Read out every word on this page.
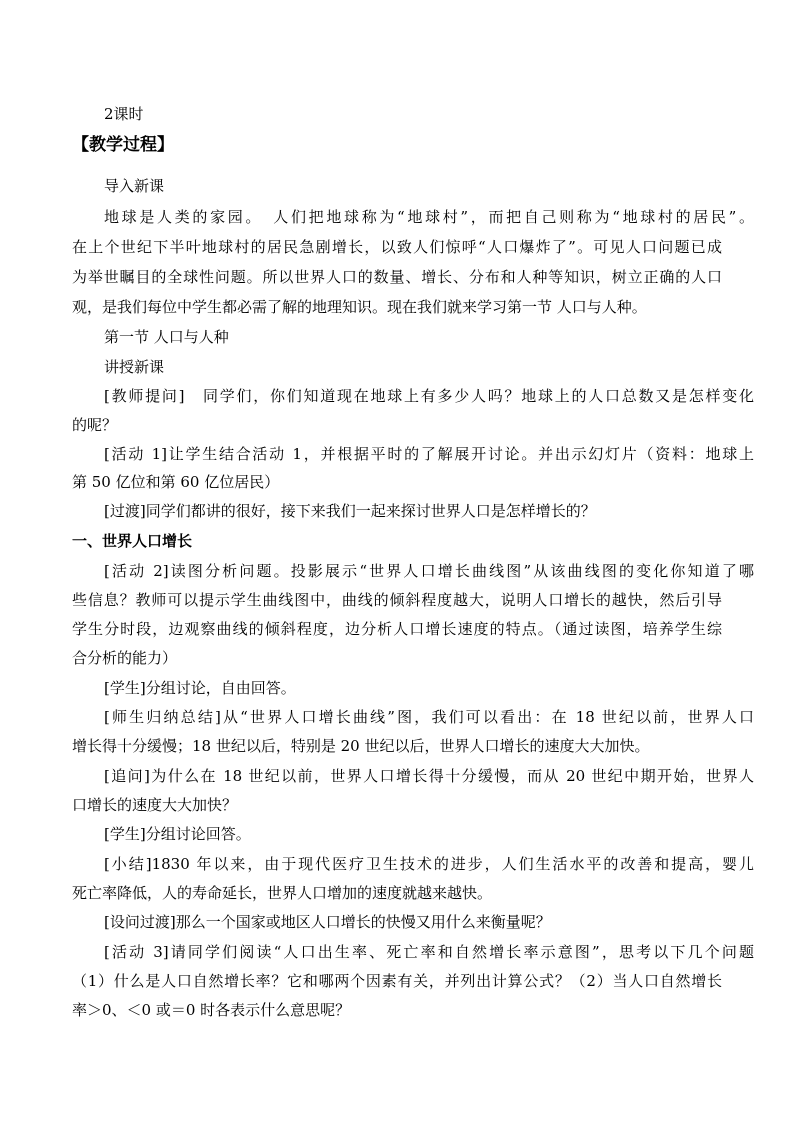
2课时
【教学过程】
导入新课
地球是人类的家园。　人们把地球称为“地球村”，而把自己则称为“地球村的居民”。
在上个世纪下半叶地球村的居民急剧增长，以致人们惊呼“人口爆炸了”。可见人口问题已成
为举世瞩目的全球性问题。所以世界人口的数量、增长、分布和人种等知识，树立正确的人口
观，是我们每位中学生都必需了解的地理知识。现在我们就来学习第一节 人口与人种。
第一节 人口与人种
讲授新课
[教师提问]　同学们，你们知道现在地球上有多少人吗？地球上的人口总数又是怎样变化
的呢？
[活动 1]让学生结合活动 1，并根据平时的了解展开讨论。并出示幻灯片（资料：地球上
第 50 亿位和第 60 亿位居民）
[过渡]同学们都讲的很好，接下来我们一起来探讨世界人口是怎样增长的？
一、世界人口增长
[活动 2]读图分析问题。投影展示“世界人口增长曲线图”从该曲线图的变化你知道了哪
些信息？教师可以提示学生曲线图中，曲线的倾斜程度越大，说明人口增长的越快，然后引导
学生分时段，边观察曲线的倾斜程度，边分析人口增长速度的特点。（通过读图，培养学生综
合分析的能力）
[学生]分组讨论，自由回答。
[师生归纳总结]从“世界人口增长曲线”图，我们可以看出：在 18 世纪以前，世界人口
增长得十分缓慢；18 世纪以后，特别是 20 世纪以后，世界人口增长的速度大大加快。
[追问]为什么在 18 世纪以前，世界人口增长得十分缓慢，而从 20 世纪中期开始，世界人
口增长的速度大大加快？
[学生]分组讨论回答。
[小结]1830 年以来，由于现代医疗卫生技术的进步，人们生活水平的改善和提高，婴儿
死亡率降低，人的寿命延长，世界人口增加的速度就越来越快。
[设问过渡]那么一个国家或地区人口增长的快慢又用什么来衡量呢？
[活动 3]请同学们阅读“人口出生率、死亡率和自然增长率示意图”，思考以下几个问题
（1）什么是人口自然增长率？它和哪两个因素有关，并列出计算公式？（2）当人口自然增长
率＞0、＜0 或＝0 时各表示什么意思呢？
